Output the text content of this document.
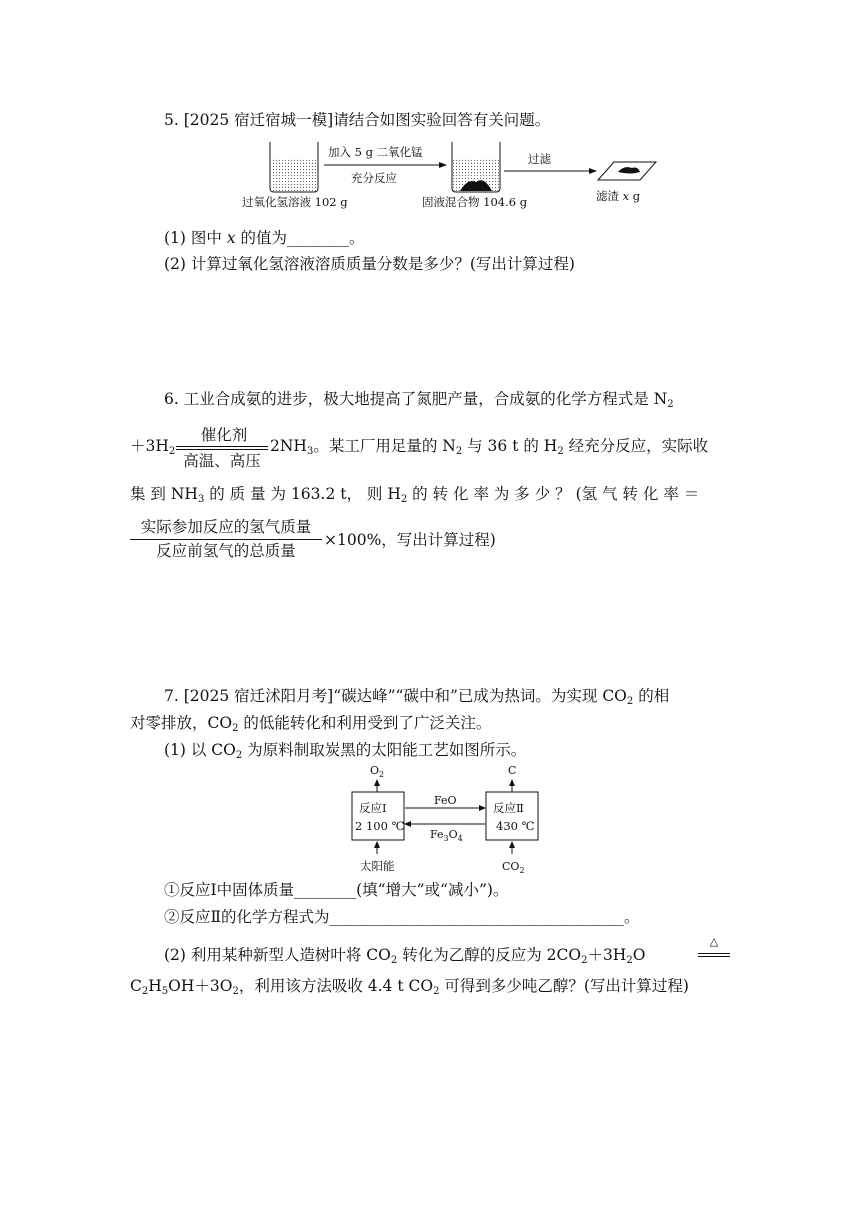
5. [2025 宿迁宿城一模]请结合如图实验回答有关问题。
加入 5 g 二氧化锰
充分反应
过滤
过氧化氢溶液 102 g	固液混合物 104.6 g	滤渣 x g
(1) 图中 x 的值为________。
(2) 计算过氧化氢溶液溶质质量分数是多少？(写出计算过程)
6. 工业合成氨的进步，极大地提高了氮肥产量，合成氨的化学方程式是 $N_2$
$+3H_2$
催化剂
高温、高压
$2NH_3$。某工厂用足量的 $N_2$ 与 36 t 的 $H_2$ 经充分反应，实际收
集 到 $NH_3$ 的 质 量 为 163.2 t， 则 $H_2$ 的 转 化 率 为 多 少 ？ (氢 气 转 化 率 ＝
实际参加反应的氢气质量
反应前氢气的总质量
×100%，写出计算过程)
7. [2025 宿迁沭阳月考]“碳达峰”“碳中和”已成为热词。为实现 $CO_2$ 的相
对零排放，$CO_2$ 的低能转化和利用受到了广泛关注。
(1) 以 $CO_2$ 为原料制取炭黑的太阳能工艺如图所示。
$O_2$	C
反应Ⅰ
2 100 ℃
反应Ⅱ
430 ℃
FeO
$Fe_3O_4$
太阳能	$CO_2$
①反应Ⅰ中固体质量________(填“增大”或“减小”)。
②反应Ⅱ的化学方程式为______________________________________。
(2) 利用某种新型人造树叶将 $CO_2$ 转化为乙醇的反应为 $2CO_2+3H_2O$
△
$C_2H_5OH+3O_2$，利用该方法吸收 4.4 t $CO_2$ 可得到多少吨乙醇？(写出计算过程)
